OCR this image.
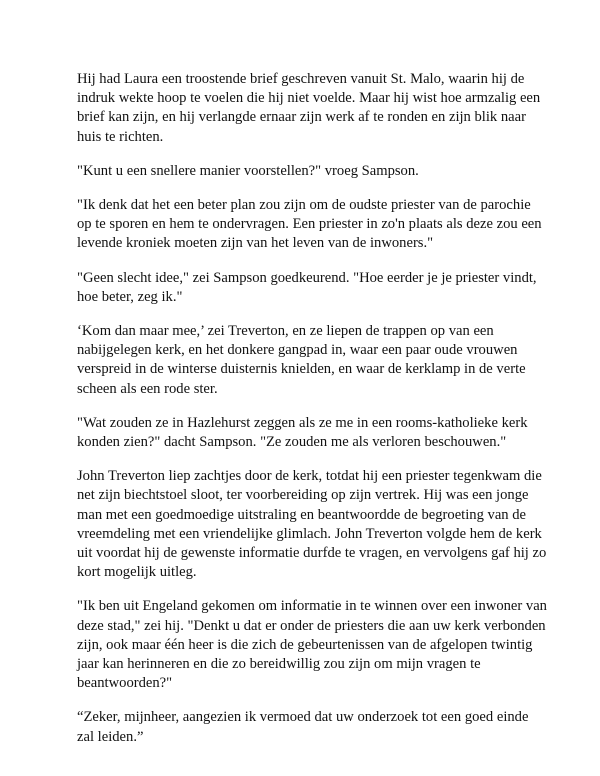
Hij had Laura een troostende brief geschreven vanuit St. Malo, waarin hij de indruk wekte hoop te voelen die hij niet voelde. Maar hij wist hoe armzalig een brief kan zijn, en hij verlangde ernaar zijn werk af te ronden en zijn blik naar huis te richten.

"Kunt u een snellere manier voorstellen?" vroeg Sampson.

"Ik denk dat het een beter plan zou zijn om de oudste priester van de parochie op te sporen en hem te ondervragen. Een priester in zo'n plaats als deze zou een levende kroniek moeten zijn van het leven van de inwoners."

"Geen slecht idee," zei Sampson goedkeurend. "Hoe eerder je je priester vindt, hoe beter, zeg ik."

‘Kom dan maar mee,’ zei Treverton, en ze liepen de trappen op van een nabijgelegen kerk, en het donkere gangpad in, waar een paar oude vrouwen verspreid in de winterse duisternis knielden, en waar de kerklamp in de verte scheen als een rode ster.

"Wat zouden ze in Hazlehurst zeggen als ze me in een rooms-katholieke kerk konden zien?" dacht Sampson. "Ze zouden me als verloren beschouwen."

John Treverton liep zachtjes door de kerk, totdat hij een priester tegenkwam die net zijn biechtstoel sloot, ter voorbereiding op zijn vertrek. Hij was een jonge man met een goedmoedige uitstraling en beantwoordde de begroeting van de vreemdeling met een vriendelijke glimlach. John Treverton volgde hem de kerk uit voordat hij de gewenste informatie durfde te vragen, en vervolgens gaf hij zo kort mogelijk uitleg.

"Ik ben uit Engeland gekomen om informatie in te winnen over een inwoner van deze stad," zei hij. "Denkt u dat er onder de priesters die aan uw kerk verbonden zijn, ook maar één heer is die zich de gebeurtenissen van de afgelopen twintig jaar kan herinneren en die zo bereidwillig zou zijn om mijn vragen te beantwoorden?"

“Zeker, mijnheer, aangezien ik vermoed dat uw onderzoek tot een goed einde zal leiden.”
